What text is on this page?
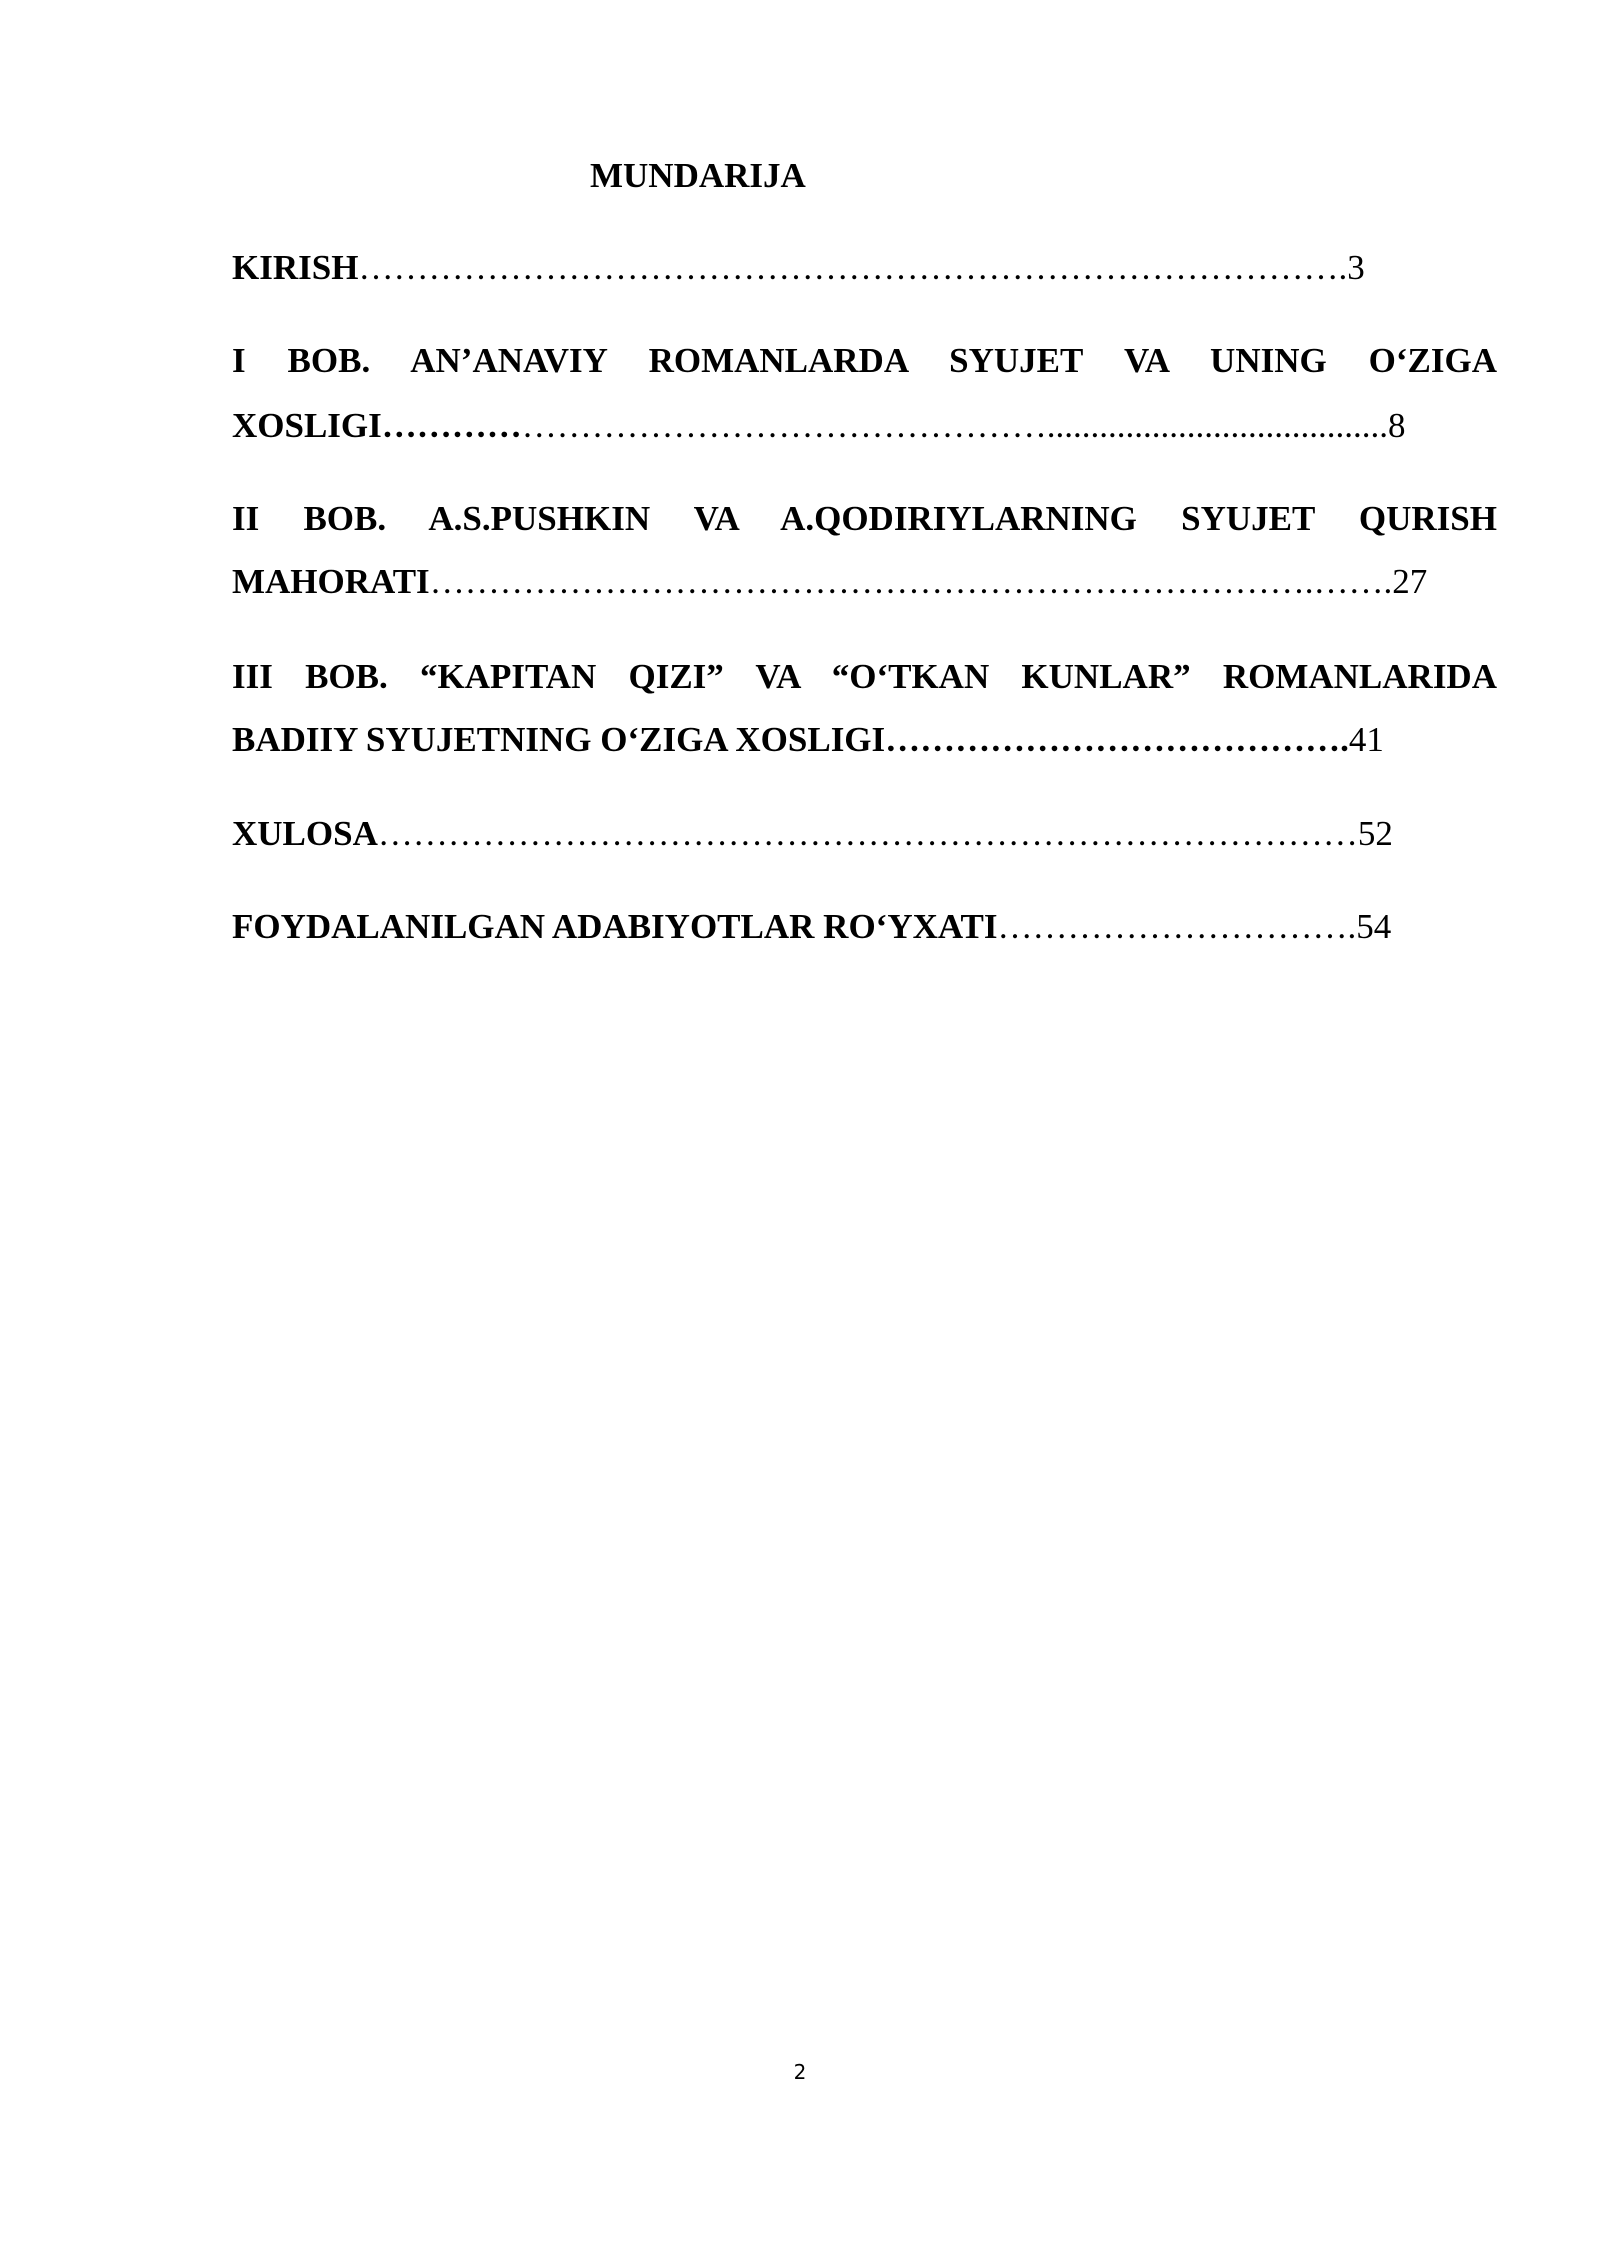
MUNDARIJA
KIRISH………………………………………………………………………….3
I BOB. AN’ANAVIY ROMANLARDA SYUJET VA UNING O‘ZIGA
XOSLIGI………………………………………………….......................................8
II BOB. A.S.PUSHKIN VA A.QODIRIYLARNING SYUJET QURISH
MAHORATI………………………………………………………………….…….27
III BOB. “KAPITAN QIZI” VA “O‘TKAN KUNLAR” ROMANLARIDA
BADIIY SYUJETNING O‘ZIGA XOSLIGI………………………………….41
XULOSA…………………………………………………………………………52
FOYDALANILGAN ADABIYOTLAR RO‘YXATI………………………….54
2
